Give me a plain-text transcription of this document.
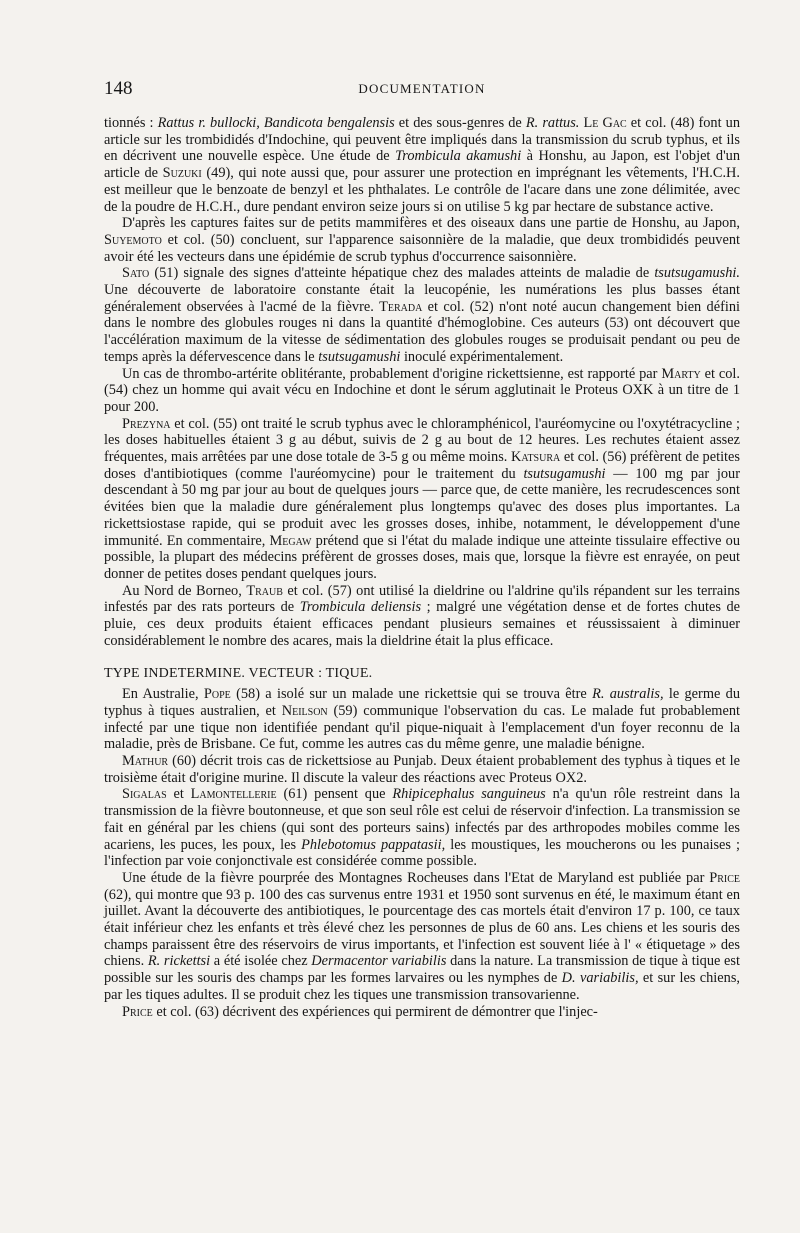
148	DOCUMENTATION

tionnés : Rattus r. bullocki, Bandicota bengalensis et des sous-genres de R. rattus. Le Gac et col. (48) font un article sur les trombididés d'Indochine, qui peuvent être impliqués dans la transmission du scrub typhus, et ils en décrivent une nouvelle espèce. Une étude de Trombicula akamushi à Honshu, au Japon, est l'objet d'un article de Suzuki (49), qui note aussi que, pour assurer une protection en imprégnant les vêtements, l'H.C.H. est meilleur que le benzoate de benzyl et les phthalates. Le contrôle de l'acare dans une zone délimitée, avec de la poudre de H.C.H., dure pendant environ seize jours si on utilise 5 kg par hectare de substance active.

D'après les captures faites sur de petits mammifères et des oiseaux dans une partie de Honshu, au Japon, Suyemoto et col. (50) concluent, sur l'apparence saisonnière de la maladie, que deux trombididés peuvent avoir été les vecteurs dans une épidémie de scrub typhus d'occurrence saisonnière.

Sato (51) signale des signes d'atteinte hépatique chez des malades atteints de maladie de tsutsugamushi. Une découverte de laboratoire constante était la leucopénie, les numérations les plus basses étant généralement observées à l'acmé de la fièvre. Terada et col. (52) n'ont noté aucun changement bien défini dans le nombre des globules rouges ni dans la quantité d'hémoglobine. Ces auteurs (53) ont découvert que l'accélération maximum de la vitesse de sédimentation des globules rouges se produisait pendant ou peu de temps après la défervescence dans le tsutsugamushi inoculé expérimentalement.

Un cas de thrombo-artérite oblitérante, probablement d'origine rickettsienne, est rapporté par Marty et col. (54) chez un homme qui avait vécu en Indochine et dont le sérum agglutinait le Proteus OXK à un titre de 1 pour 200.

Prezyna et col. (55) ont traité le scrub typhus avec le chloramphénicol, l'auréomycine ou l'oxytétracycline ; les doses habituelles étaient 3 g au début, suivis de 2 g au bout de 12 heures. Les rechutes étaient assez fréquentes, mais arrêtées par une dose totale de 3-5 g ou même moins. Katsura et col. (56) préfèrent de petites doses d'antibiotiques (comme l'auréomycine) pour le traitement du tsutsugamushi — 100 mg par jour descendant à 50 mg par jour au bout de quelques jours — parce que, de cette manière, les recrudescences sont évitées bien que la maladie dure généralement plus longtemps qu'avec des doses plus importantes. La rickettsiostase rapide, qui se produit avec les grosses doses, inhibe, notamment, le développement d'une immunité. En commentaire, Megaw prétend que si l'état du malade indique une atteinte tissulaire effective ou possible, la plupart des médecins préfèrent de grosses doses, mais que, lorsque la fièvre est enrayée, on peut donner de petites doses pendant quelques jours.

Au Nord de Borneo, Traub et col. (57) ont utilisé la dieldrine ou l'aldrine qu'ils répandent sur les terrains infestés par des rats porteurs de Trombicula deliensis ; malgré une végétation dense et de fortes chutes de pluie, ces deux produits étaient efficaces pendant plusieurs semaines et réussissaient à diminuer considérablement le nombre des acares, mais la dieldrine était la plus efficace.

TYPE INDETERMINE. VECTEUR : TIQUE.

En Australie, Pope (58) a isolé sur un malade une rickettsie qui se trouva être R. australis, le germe du typhus à tiques australien, et Neilson (59) communique l'observation du cas. Le malade fut probablement infecté par une tique non identifiée pendant qu'il pique-niquait à l'emplacement d'un foyer reconnu de la maladie, près de Brisbane. Ce fut, comme les autres cas du même genre, une maladie bénigne.

Mathur (60) décrit trois cas de rickettsiose au Punjab. Deux étaient probablement des typhus à tiques et le troisième était d'origine murine. Il discute la valeur des réactions avec Proteus OX2.

Sigalas et Lamontellerie (61) pensent que Rhipicephalus sanguineus n'a qu'un rôle restreint dans la transmission de la fièvre boutonneuse, et que son seul rôle est celui de réservoir d'infection. La transmission se fait en général par les chiens (qui sont des porteurs sains) infectés par des arthropodes mobiles comme les acariens, les puces, les poux, les Phlebotomus pappatasii, les moustiques, les moucherons ou les punaises ; l'infection par voie conjonctivale est considérée comme possible.

Une étude de la fièvre pourprée des Montagnes Rocheuses dans l'Etat de Maryland est publiée par Price (62), qui montre que 93 p. 100 des cas survenus entre 1931 et 1950 sont survenus en été, le maximum étant en juillet. Avant la découverte des antibiotiques, le pourcentage des cas mortels était d'environ 17 p. 100, ce taux était inférieur chez les enfants et très élevé chez les personnes de plus de 60 ans. Les chiens et les souris des champs paraissent être des réservoirs de virus importants, et l'infection est souvent liée à l' « étiquetage » des chiens. R. rickettsi a été isolée chez Dermacentor variabilis dans la nature. La transmission de tique à tique est possible sur les souris des champs par les formes larvaires ou les nymphes de D. variabilis, et sur les chiens, par les tiques adultes. Il se produit chez les tiques une transmission transovarienne.

Price et col. (63) décrivent des expériences qui permirent de démontrer que l'injec-
